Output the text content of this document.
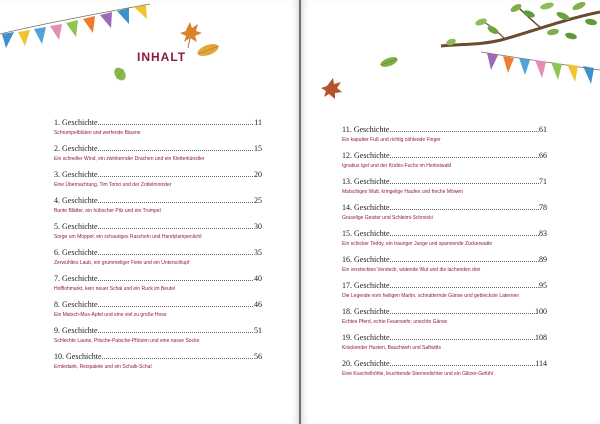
INHALT
1. Geschichte .....	11
Schrumpelblüten und werfende Bäume
2. Geschichte .....	15
Ein schneller Wind, ein zwinkernder Drachen und ein Kletterkünstler
3. Geschichte .....	20
Eine Übernachtung, Tim Tomo und der Zottelmonster
4. Geschichte .....	25
Bunte Blätter, ein hübscher Pilz und ein Trompel
5. Geschichte .....	30
Sorge um Moppel, ein schauriges Rascheln und Handylampenlicht
6. Geschichte .....	35
Zerwühltes Laub, ein grummeliger Fiete und ein Unterschlupf
7. Geschichte .....	40
Hofflohmarkt, kein neuer Schal und ein Ruck im Beutel
8. Geschichte .....	46
Ein Matsch-Mus-Apfel und eine viel zu große Hose
9. Geschichte .....	51
Schlechte Laune, Pitsche-Patsche-Pfützen und eine nasse Socke
10. Geschichte .....	56
Erntedank, Reispalete und ein Schalk-Schal
11. Geschichte .....	61
Ein kaputter Fuß und richtig zählende Finger
12. Geschichte .....	66
Ignatius Igel und der Kürbis-Fuchs im Herbstwald
13. Geschichte .....	71
Matschiges Watt, kringelige Haufen und freche Möwen
14. Geschichte .....	78
Gruselige Geister und Schleimi-Schnecki
15. Geschichte .....	83
Ein schicker Teddy, ein trauriger Junge und spannende Zuckerwatte
16. Geschichte .....	89
Ein verstecktes Versteck, wütende Wut und die lachenden drei
17. Geschichte .....	95
Die Legende vom heiligen Martin, schnatternde Gänse und gebleckste Laternen
18. Geschichte .....	100
Echtes Pferd, echte Feuerwehr, unechte Gänse
19. Geschichte .....	108
Kräckender Husten, Bauchweh und Saftwitts
20. Geschichte .....	114
Eine Kuschelhöhle, leuchtende Sternenlichter und ein Glitzer-Gefühl
